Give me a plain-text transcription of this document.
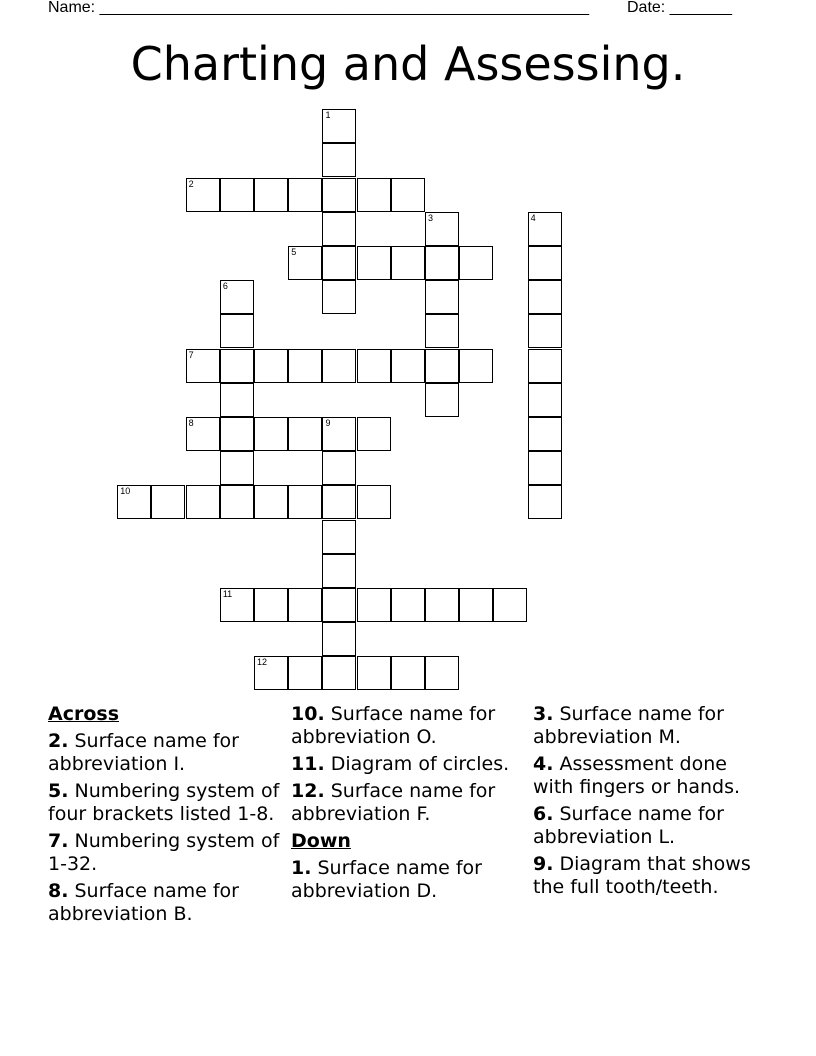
Name: _______________________________________________________ Date: _______
Charting and Assessing.
1
2
3	4
5
6
7
8	9
10
11
12
Across
2. Surface name for abbreviation I.
5. Numbering system of four brackets listed 1-8.
7. Numbering system of 1-32.
8. Surface name for abbreviation B.
10. Surface name for abbreviation O.
11. Diagram of circles.
12. Surface name for abbreviation F.
Down
1. Surface name for abbreviation D.
3. Surface name for abbreviation M.
4. Assessment done with fingers or hands.
6. Surface name for abbreviation L.
9. Diagram that shows the full tooth/teeth.
